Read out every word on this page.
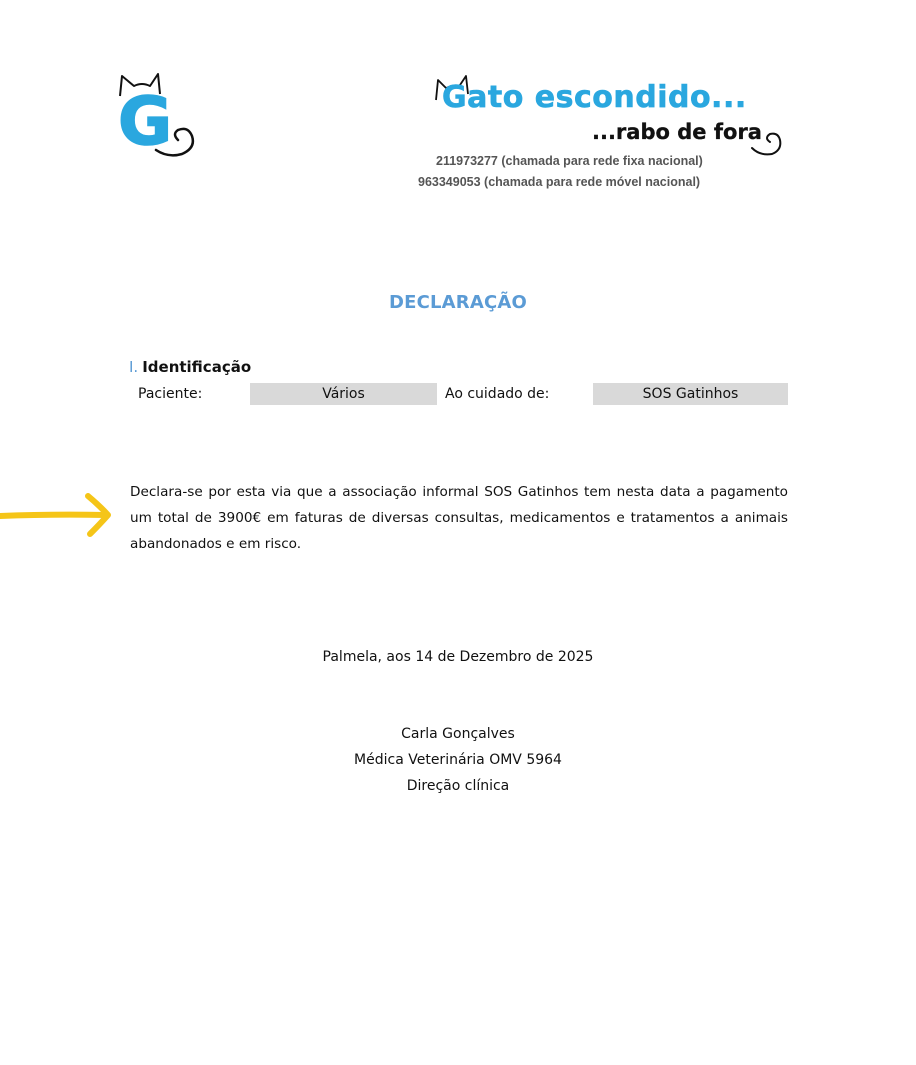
G	Gato escondido...
...rabo de fora
211973277 (chamada para rede fixa nacional)
963349053 (chamada para rede móvel nacional)
DECLARAÇÃO
I. Identificação
Paciente:	Vários	Ao cuidado de:	SOS Gatinhos
Declara-se por esta via que a associação informal SOS Gatinhos tem nesta data a pagamento um total de 3900€ em faturas de diversas consultas, medicamentos e tratamentos a animais abandonados e em risco.
Palmela, aos 14 de Dezembro de 2025
Carla Gonçalves
Médica Veterinária OMV 5964
Direção clínica
